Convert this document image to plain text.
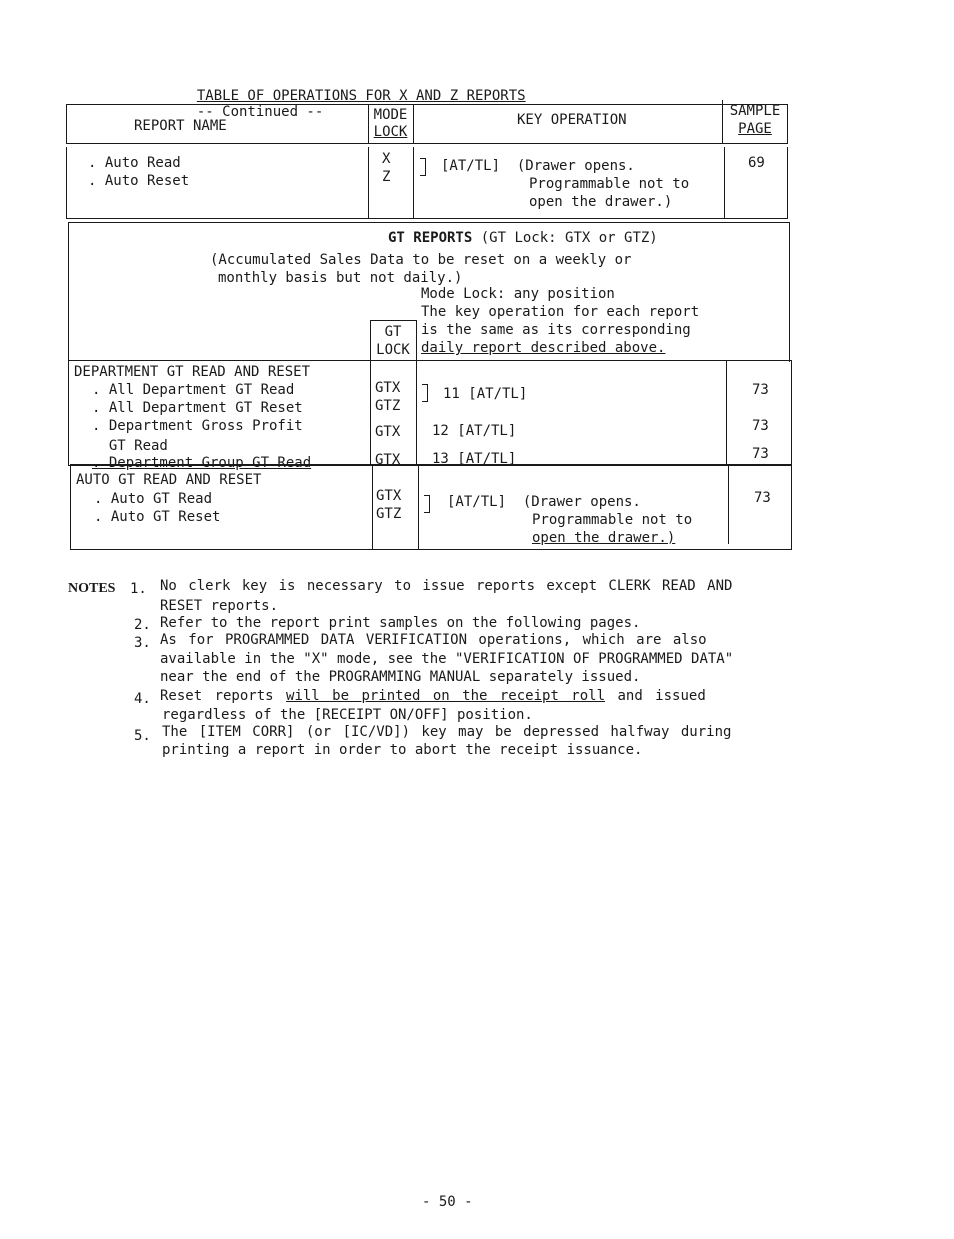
TABLE OF OPERATIONS FOR X AND Z REPORTS
-- Continued --

REPORT NAME
MODE
LOCK
KEY OPERATION
SAMPLE
PAGE
. Auto Read
. Auto Reset
X
Z
[AT/TL]  (Drawer opens.
Programmable not to
open the drawer.)
69
GT REPORTS (GT Lock: GTX or GTZ)
(Accumulated Sales Data to be reset on a weekly or
monthly basis but not daily.)
Mode Lock: any position
The key operation for each report
is the same as its corresponding
daily report described above.
GT
LOCK
DEPARTMENT GT READ AND RESET
. All Department GT Read
. All Department GT Reset
. Department Gross Profit
GT Read
. Department Group GT Read
GTX
GTZ
GTX
GTX
11 [AT/TL]
12 [AT/TL]
13 [AT/TL]
73
73
73
AUTO GT READ AND RESET
. Auto GT Read
. Auto GT Reset
GTX
GTZ
[AT/TL]  (Drawer opens.
Programmable not to
open the drawer.)
73
NOTES 1. No clerk key is necessary to issue reports except CLERK READ AND
RESET reports.
2. Refer to the report print samples on the following pages.
3. As for PROGRAMMED DATA VERIFICATION operations, which are also
available in the "X" mode, see the "VERIFICATION OF PROGRAMMED DATA"
near the end of the PROGRAMMING MANUAL separately issued.
4. Reset reports will be printed on the receipt roll and issued
regardless of the [RECEIPT ON/OFF] position.
5. The [ITEM CORR] (or [IC/VD]) key may be depressed halfway during
printing a report in order to abort the receipt issuance.
- 50 -
